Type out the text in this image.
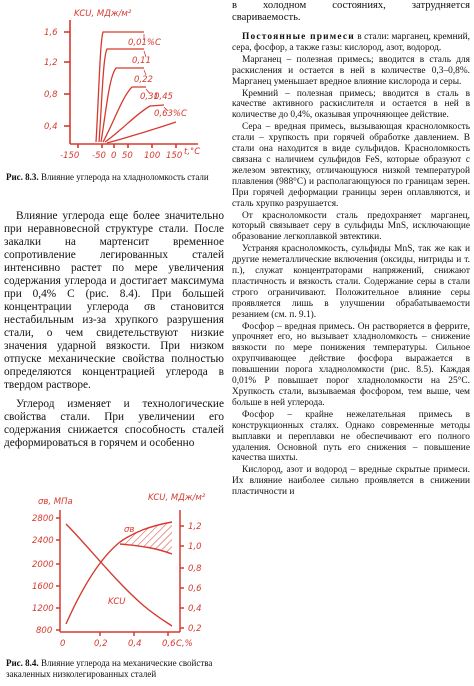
KCU, МДж/м²
1,6
1,2
0,8
0,4
0,01%C
0,11
0,22
0,31
0,45
0,63%C
-150 -50 0 50 100 150 t,°C
Рис. 8.3. Влияние углерода на хладноломкость стали

Влияние углерода еще более значительно при неравновесной структуре стали. После закалки на мартенсит временное сопротивление легированных сталей интенсивно растет по мере увеличения содержания углерода и достигает максимума при 0,4% С (рис. 8.4). При большей концентрации углерода σв становится нестабильным из-за хрупкого разрушения стали, о чем свидетельствуют низкие значения ударной вязкости. При низком отпуске механические свойства полностью определяются концентрацией углерода в твердом растворе.

Углерод изменяет и технологические свойства стали. При увеличении его содержания снижается способность сталей деформироваться в горячем и особенно

σв, МПа	KCU, МДж/м²
2800
2400
2000
1600
1200
800
1,2
1,0
0,8
0,6
0,4
0,2
0	0,2 0,4 0,6 C,%
σв
KCU
Рис. 8.4. Влияние углерода на механические свойства закаленных низколегированных сталей

в холодном состояниях, затрудняется свариваемость.

Постоянные примеси в стали: марганец, кремний, сера, фосфор, а также газы: кислород, азот, водород.

Марганец – полезная примесь; вводится в сталь для раскисления и остается в ней в количестве 0,3–0,8%. Марганец уменьшает вредное влияние кислорода и серы.

Кремний – полезная примесь; вводится в сталь в качестве активного раскислителя и остается в ней в количестве до 0,4%, оказывая упрочняющее действие.

Сера – вредная примесь, вызывающая красноломкость стали – хрупкость при горячей обработке давлением. В стали она находится в виде сульфидов. Красноломкость связана с наличием сульфидов FeS, которые образуют с железом эвтектику, отличающуюся низкой температурой плавления (988°С) и располагающуюся по границам зерен. При горячей деформации границы зерен оплавляются, и сталь хрупко разрушается.

От красноломкости сталь предохраняет марганец, который связывает серу в сульфиды MnS, исключающие образование легкоплавкой эвтектики.

Устраняя красноломкость, сульфиды MnS, так же как и другие неметаллические включения (оксиды, нитриды и т. п.), служат концентраторами напряжений, снижают пластичность и вязкость стали. Содержание серы в стали строго ограничивают. Положительное влияние серы проявляется лишь в улучшении обрабатываемости резанием (см. п. 9.1).

Фосфор – вредная примесь. Он растворяется в феррите, упрочняет его, но вызывает хладноломкость – снижение вязкости по мере понижения температуры. Сильное охрупчивающее действие фосфора выражается в повышении порога хладноломкости (рис. 8.5). Каждая 0,01% Р повышает порог хладноломкости на 25°С. Хрупкость стали, вызываемая фосфором, тем выше, чем больше в ней углерода.

Фосфор – крайне нежелательная примесь в конструкционных сталях. Однако современные методы выплавки и переплавки не обеспечивают его полного удаления. Основной путь его снижения – повышение качества шихты.

Кислород, азот и водород – вредные скрытые примеси. Их влияние наиболее сильно проявляется в снижении пластичности и
